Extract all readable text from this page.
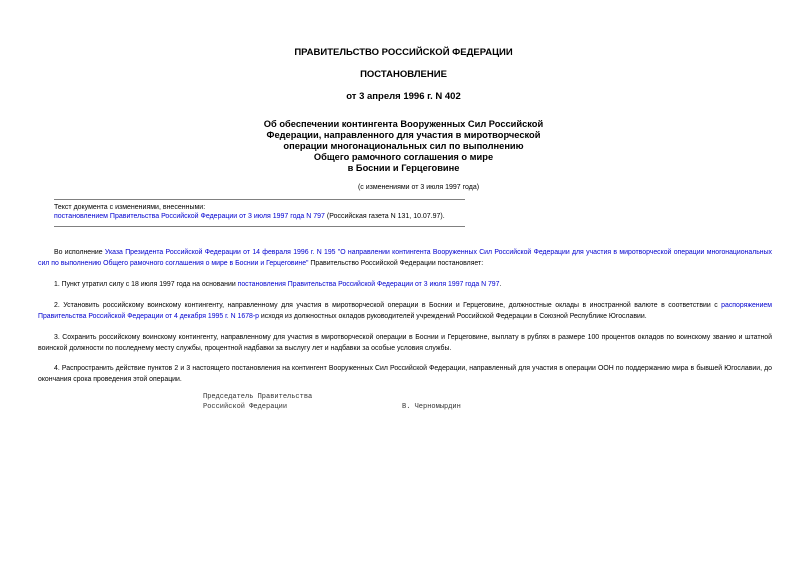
ПРАВИТЕЛЬСТВО РОССИЙСКОЙ ФЕДЕРАЦИИ
ПОСТАНОВЛЕНИЕ
от 3 апреля 1996 г. N 402
Об обеспечении контингента Вооруженных Сил Российской
Федерации, направленного для участия в миротворческой
операции многонациональных сил по выполнению
Общего рамочного соглашения о мире
в Боснии и Герцеговине
(с изменениями от 3 июля 1997 года)
Текст документа с изменениями, внесенными:
постановлением Правительства Российской Федерации от 3 июля 1997 года N 797 (Российская газета N 131, 10.07.97).
Во исполнение Указа Президента Российской Федерации от 14 февраля 1996 г. N 195 "О направлении контингента Вооруженных Сил Российской Федерации для участия в миротворческой операции многонациональных сил по выполнению Общего рамочного соглашения о мире в Боснии и Герцеговине" Правительство Российской Федерации постановляет:
1. Пункт утратил силу с 18 июля 1997 года на основании постановления Правительства Российской Федерации от 3 июля 1997 года N 797.
2. Установить российскому воинскому контингенту, направленному для участия в миротворческой операции в Боснии и Герцеговине, должностные оклады в иностранной валюте в соответствии с распоряжением Правительства Российской Федерации от 4 декабря 1995 г. N 1678-р исходя из должностных окладов руководителей учреждений Российской Федерации в Союзной Республике Югославии.
3. Сохранить российскому воинскому контингенту, направленному для участия в миротворческой операции в Боснии и Герцеговине, выплату в рублях в размере 100 процентов окладов по воинскому званию и штатной воинской должности по последнему месту службы, процентной надбавки за выслугу лет и надбавки за особые условия службы.
4. Распространить действие пунктов 2 и 3 настоящего постановления на контингент Вооруженных Сил Российской Федерации, направленный для участия в операции ООН по поддержанию мира в бывшей Югославии, до окончания срока проведения этой операции.
Председатель Правительства
Российской Федерации	В. Черномырдин
